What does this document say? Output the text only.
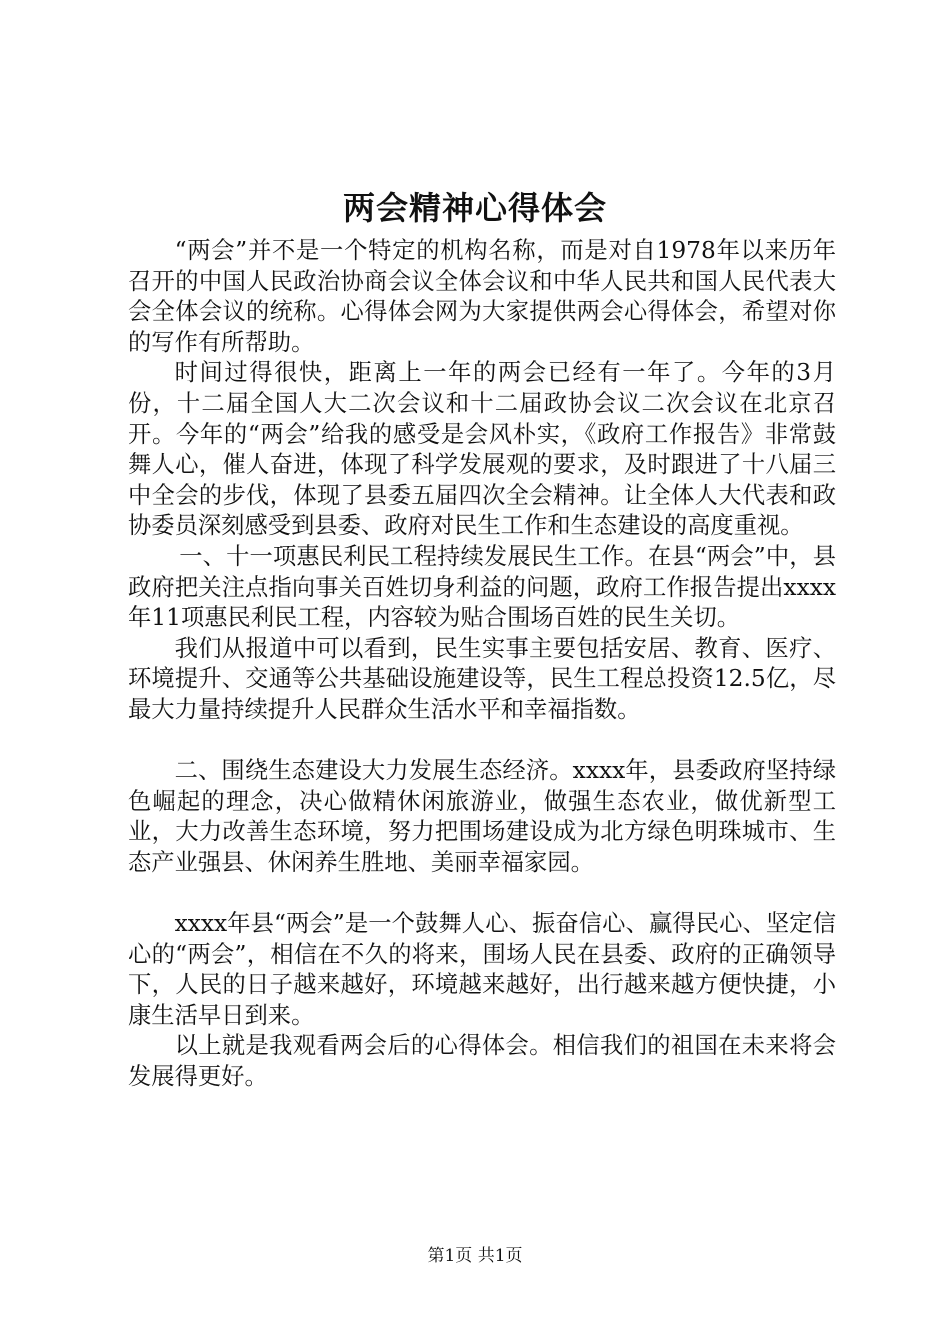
两会精神心得体会

“两会”并不是一个特定的机构名称，而是对自1978年以来历年召开的中国人民政治协商会议全体会议和中华人民共和国人民代表大会全体会议的统称。心得体会网为大家提供两会心得体会，希望对你的写作有所帮助。

时间过得很快，距离上一年的两会已经有一年了。今年的3月份，十二届全国人大二次会议和十二届政协会议二次会议在北京召开。今年的“两会”给我的感受是会风朴实，《政府工作报告》非常鼓舞人心，催人奋进，体现了科学发展观的要求，及时跟进了十八届三中全会的步伐，体现了县委五届四次全会精神。让全体人大代表和政协委员深刻感受到县委、政府对民生工作和生态建设的高度重视。

一、十一项惠民利民工程持续发展民生工作。在县“两会”中，县政府把关注点指向事关百姓切身利益的问题，政府工作报告提出xxxx年11项惠民利民工程，内容较为贴合围场百姓的民生关切。

我们从报道中可以看到，民生实事主要包括安居、教育、医疗、环境提升、交通等公共基础设施建设等，民生工程总投资12.5亿，尽最大力量持续提升人民群众生活水平和幸福指数。

二、围绕生态建设大力发展生态经济。xxxx年，县委政府坚持绿色崛起的理念，决心做精休闲旅游业，做强生态农业，做优新型工业，大力改善生态环境，努力把围场建设成为北方绿色明珠城市、生态产业强县、休闲养生胜地、美丽幸福家园。

xxxx年县“两会”是一个鼓舞人心、振奋信心、赢得民心、坚定信心的“两会”，相信在不久的将来，围场人民在县委、政府的正确领导下，人民的日子越来越好，环境越来越好，出行越来越方便快捷，小康生活早日到来。

以上就是我观看两会后的心得体会。相信我们的祖国在未来将会发展得更好。

第1页 共1页
